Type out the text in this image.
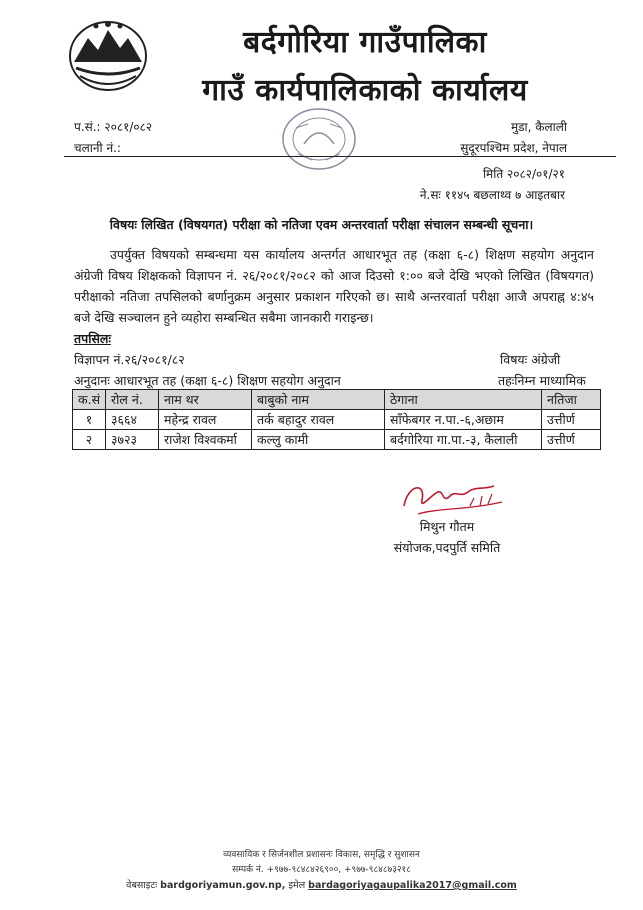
बर्दगोरिया गाउँपालिका
गाउँ कार्यपालिकाको कार्यालय
प.सं.: २०८१/०८२
चलानी नं.:
मुडा, कैलाली
सुदूरपश्चिम प्रदेश, नेपाल
मिति २०८२/०१/२१
ने.सः ११४५ बछलाथ्व ७ आइतबार
विषयः लिखित (विषयगत) परीक्षा को नतिजा एवम अन्तरवार्ता परीक्षा संचालन सम्बन्धी सूचना।
उपर्युक्त विषयको सम्बन्धमा यस कार्यालय अन्तर्गत आधारभूत तह (कक्षा ६-८) शिक्षण सहयोग अनुदान अंग्रेजी विषय शिक्षकको विज्ञापन नं. २६/२०८१/२०८२ को आज दिउसो १:०० बजे देखि भएको लिखित (विषयगत) परीक्षाको नतिजा तपसिलको बर्णानुक्रम अनुसार प्रकाशन गरिएको छ। साथै अन्तरवार्ता परीक्षा आजै अपराह्न ४:४५ बजे देखि सञ्चालन हुने व्यहोरा सम्बन्धित सबैमा जानकारी गराइन्छ।
तपसिलः
विज्ञापन नं.२६/२०८१/८२	विषयः अंग्रेजी
अनुदानः आधारभूत तह (कक्षा ६-८) शिक्षण सहयोग अनुदान	तहःनिम्न माध्यामिक
क.सं	रोल नं.	नाम थर	बाबुको नाम	ठेगाना	नतिजा
१	३६६४	महेन्द्र रावल	तर्क बहादुर रावल	साँफेबगर न.पा.-६,अछाम	उत्तीर्ण
२	३७२३	राजेश विश्वकर्मा	कल्लु कामी	बर्दगोरिया गा.पा.-३, कैलाली	उत्तीर्ण
मिथुन गौतम
संयोजक,पदपुर्ति समिति
व्यवसायिक र सिर्जनशील प्रशासनः विकास, समृद्धि र सुशासन
सम्पर्क नं. +९७७-९८४८४२६९००, +९७७-९८४८७३२१८
वेबसाइटः bardgoriyamun.gov.np, इमेल bardagoriyagaupalika2017@gmail.com
